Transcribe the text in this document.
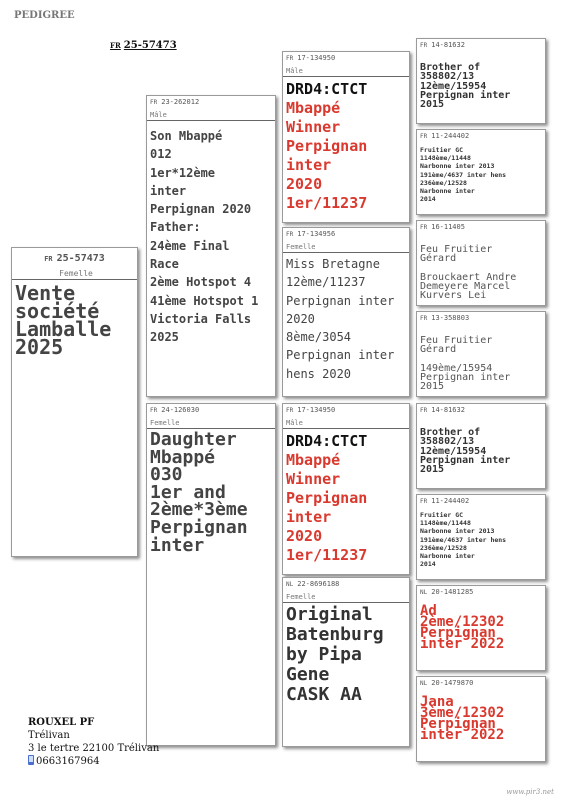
PEDIGREE
FR 25-57473
FR 25-57473
Femelle
Vente
société
Lamballe
2025
FR 23-262012
Mâle
Son Mbappé
012
1er*12ème
inter
Perpignan 2020
Father:
24ème Final
Race
2ème Hotspot 4
41ème Hotspot 1
Victoria Falls
2025
FR 24-126030
Femelle
Daughter
Mbappé
030
1er and
2ème*3ème
Perpignan
inter
FR 17-134950
Mâle
DRD4:CTCT
Mbappé
Winner
Perpignan
inter
2020
1er/11237
FR 17-134956
Femelle
Miss Bretagne
12ème/11237
Perpignan inter
2020
8ème/3054
Perpignan inter
hens 2020
FR 17-134950
Mâle
DRD4:CTCT
Mbappé
Winner
Perpignan
inter
2020
1er/11237
NL 22-8696188
Femelle
Original
Batenburg
by Pipa
Gene
CASK AA
FR 14-81632
Brother of
358802/13
12ème/15954
Perpignan inter
2015
FR 11-244402
Fruitier GC
1148ème/11448
Narbonne inter 2013
191ème/4637 inter hens
236ème/12528
Narbonne inter
2014
FR 16-11405
Feu Fruitier
Gérard

Brouckaert Andre
Demeyere Marcel
Kurvers Lei
FR 13-358803
Feu Fruitier
Gérard

149ème/15954
Perpignan inter
2015
FR 14-81632
Brother of
358802/13
12ème/15954
Perpignan inter
2015
FR 11-244402
Fruitier GC
1148ème/11448
Narbonne inter 2013
191ème/4637 inter hens
236ème/12528
Narbonne inter
2014
NL 20-1481285
Ad
2ème/12302
Perpignan
inter 2022
NL 20-1479870
Jana
3ème/12302
Perpignan
inter 2022
ROUXEL PF
Trélivan
3 le tertre 22100 Trélivan
0663167964
www.pir3.net
